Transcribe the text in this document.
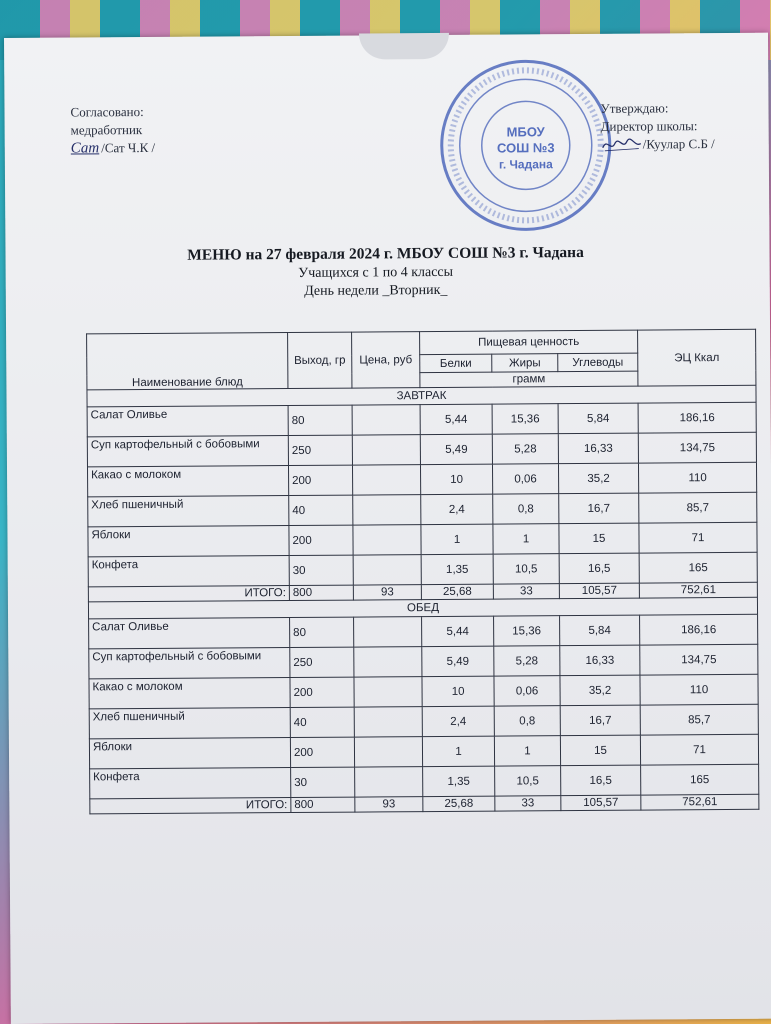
Согласовано:
медработник
Сат /Сат Ч.К /
МБОУ
СОШ №3
г. Чадана
Утверждаю:
Директор школы:
/Куулар С.Б /
МЕНЮ на 27 февраля 2024 г. МБОУ СОШ №3 г. Чадана
Учащихся с 1 по 4 классы
День недели _Вторник_
Наименование блюд	Выход, гр	Цена, руб	Пищевая ценность			ЭЦ Ккал
			Белки	Жиры	Углеводы	
			грамм			
ЗАВТРАК						
Салат Оливье	80		5,44	15,36	5,84	186,16
Суп картофельный с бобовыми	250		5,49	5,28	16,33	134,75
Какао с молоком	200		10	0,06	35,2	110
Хлеб пшеничный	40		2,4	0,8	16,7	85,7
Яблоки	200		1	1	15	71
Конфета	30		1,35	10,5	16,5	165
ИТОГО:	800	93	25,68	33	105,57	752,61
ОБЕД						
Салат Оливье	80		5,44	15,36	5,84	186,16
Суп картофельный с бобовыми	250		5,49	5,28	16,33	134,75
Какао с молоком	200		10	0,06	35,2	110
Хлеб пшеничный	40		2,4	0,8	16,7	85,7
Яблоки	200		1	1	15	71
Конфета	30		1,35	10,5	16,5	165
ИТОГО:	800	93	25,68	33	105,57	752,61
